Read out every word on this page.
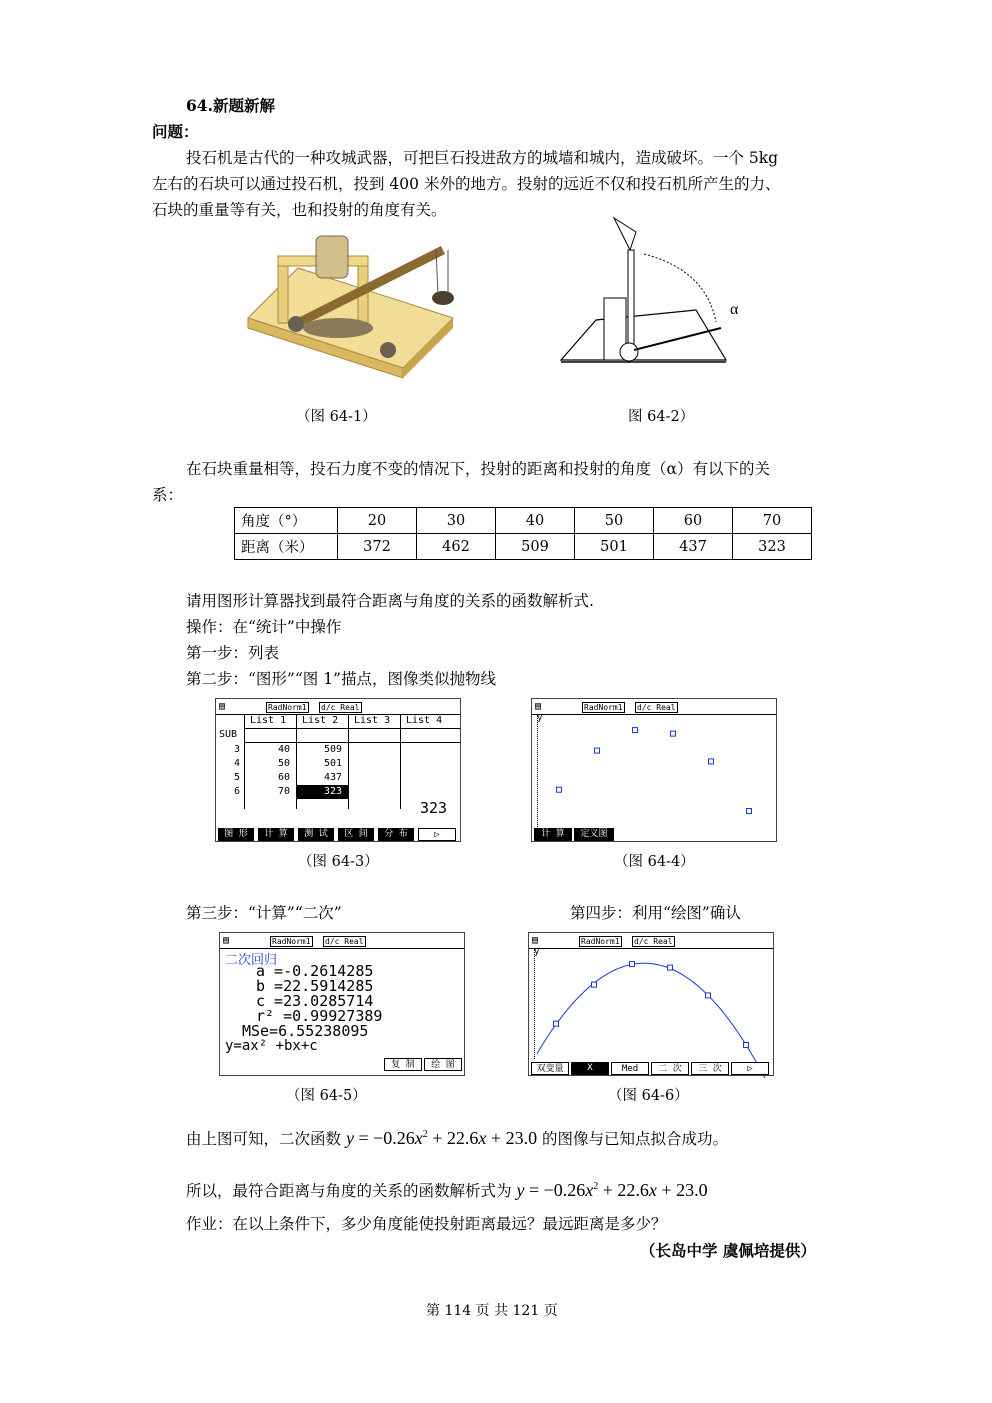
64.新题新解
问题：
投石机是古代的一种攻城武器，可把巨石投进敌方的城墙和城内，造成破坏。一个 5kg
左右的石块可以通过投石机，投到 400 米外的地方。投射的远近不仅和投石机所产生的力、
石块的重量等有关，也和投射的角度有关。
α
（图 64-1）	图 64-2）
在石块重量相等，投石力度不变的情况下，投射的距离和投射的角度（α）有以下的关
系：
角度（°）	20	30	40	50	60	70
距离（米）	372	462	509	501	437	323
请用图形计算器找到最符合距离与角度的关系的函数解析式.
操作：在“统计”中操作
第一步：列表
第二步：“图形”“图 1”描点，图像类似抛物线
▤	RadNorm1 d/c Real
List 1 List 2 List 3 List 4
SUB
3	40	509
4	50	501
5	60	437
6	70	323
323
图 形	计 算	测 试	区 间	分 布	▷
▤	RadNorm1 d/c Real
y
计 算	定义图
（图 64-3）	（图 64-4）
第三步：“计算”“二次”	第四步：利用“绘图”确认
▤	RadNorm1 d/c Real
二次回归
a =-0.2614285
b =22.5914285
c =23.0285714
r² =0.99927389
MSe=6.55238095
y=ax² +bx+c
复 制	绘 图
▤	RadNorm1 d/c Real
y
双变量	X	Med	二 次	三 次	▷
（图 64-5）	（图 64-6）
由上图可知，二次函数 $y = -0.26x^2 + 22.6x + 23.0$ 的图像与已知点拟合成功。
所以，最符合距离与角度的关系的函数解析式为 $y = -0.26x^2 + 22.6x + 23.0$
作业：在以上条件下，多少角度能使投射距离最远？最远距离是多少？
（长岛中学 虞佩培提供）
第 114 页 共 121 页
